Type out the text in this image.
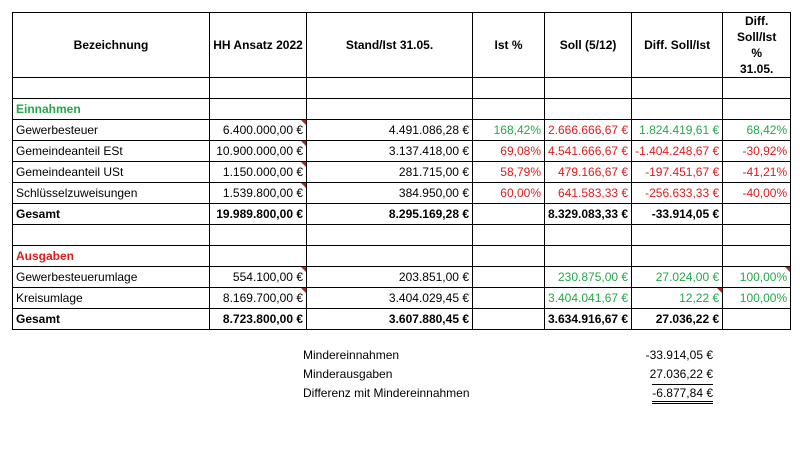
Bezeichnung	HH Ansatz 2022	Stand/Ist 31.05.	Ist %	Soll (5/12)	Diff. Soll/Ist	Diff. Soll/Ist
%
31.05.

Einnahmen						
Gewerbesteuer	6.400.000,00 €	4.491.086,28 €	168,42%	2.666.666,67 €	1.824.419,61 €	68,42%
Gemeindeanteil ESt	10.900.000,00 €	3.137.418,00 €	69,08%	4.541.666,67 €	-1.404.248,67 €	-30,92%
Gemeindeanteil USt	1.150.000,00 €	281.715,00 €	58,79%	479.166,67 €	-197.451,67 €	-41,21%
Schlüsselzuweisungen	1.539.800,00 €	384.950,00 €	60,00%	641.583,33 €	-256.633,33 €	-40,00%
Gesamt	19.989.800,00 €	8.295.169,28 €		8.329.083,33 €	-33.914,05 €	

Ausgaben						
Gewerbesteuerumlage	554.100,00 €	203.851,00 €		230.875,00 €	27.024,00 €	100,00%
Kreisumlage	8.169.700,00 €	3.404.029,45 €		3.404.041,67 €	12,22 €	100,00%
Gesamt	8.723.800,00 €	3.607.880,45 €		3.634.916,67 €	27.036,22 €	
Mindereinnahmen	-33.914,05 €
Minderausgaben	27.036,22 €
Differenz mit Mindereinnahmen	-6.877,84 €
